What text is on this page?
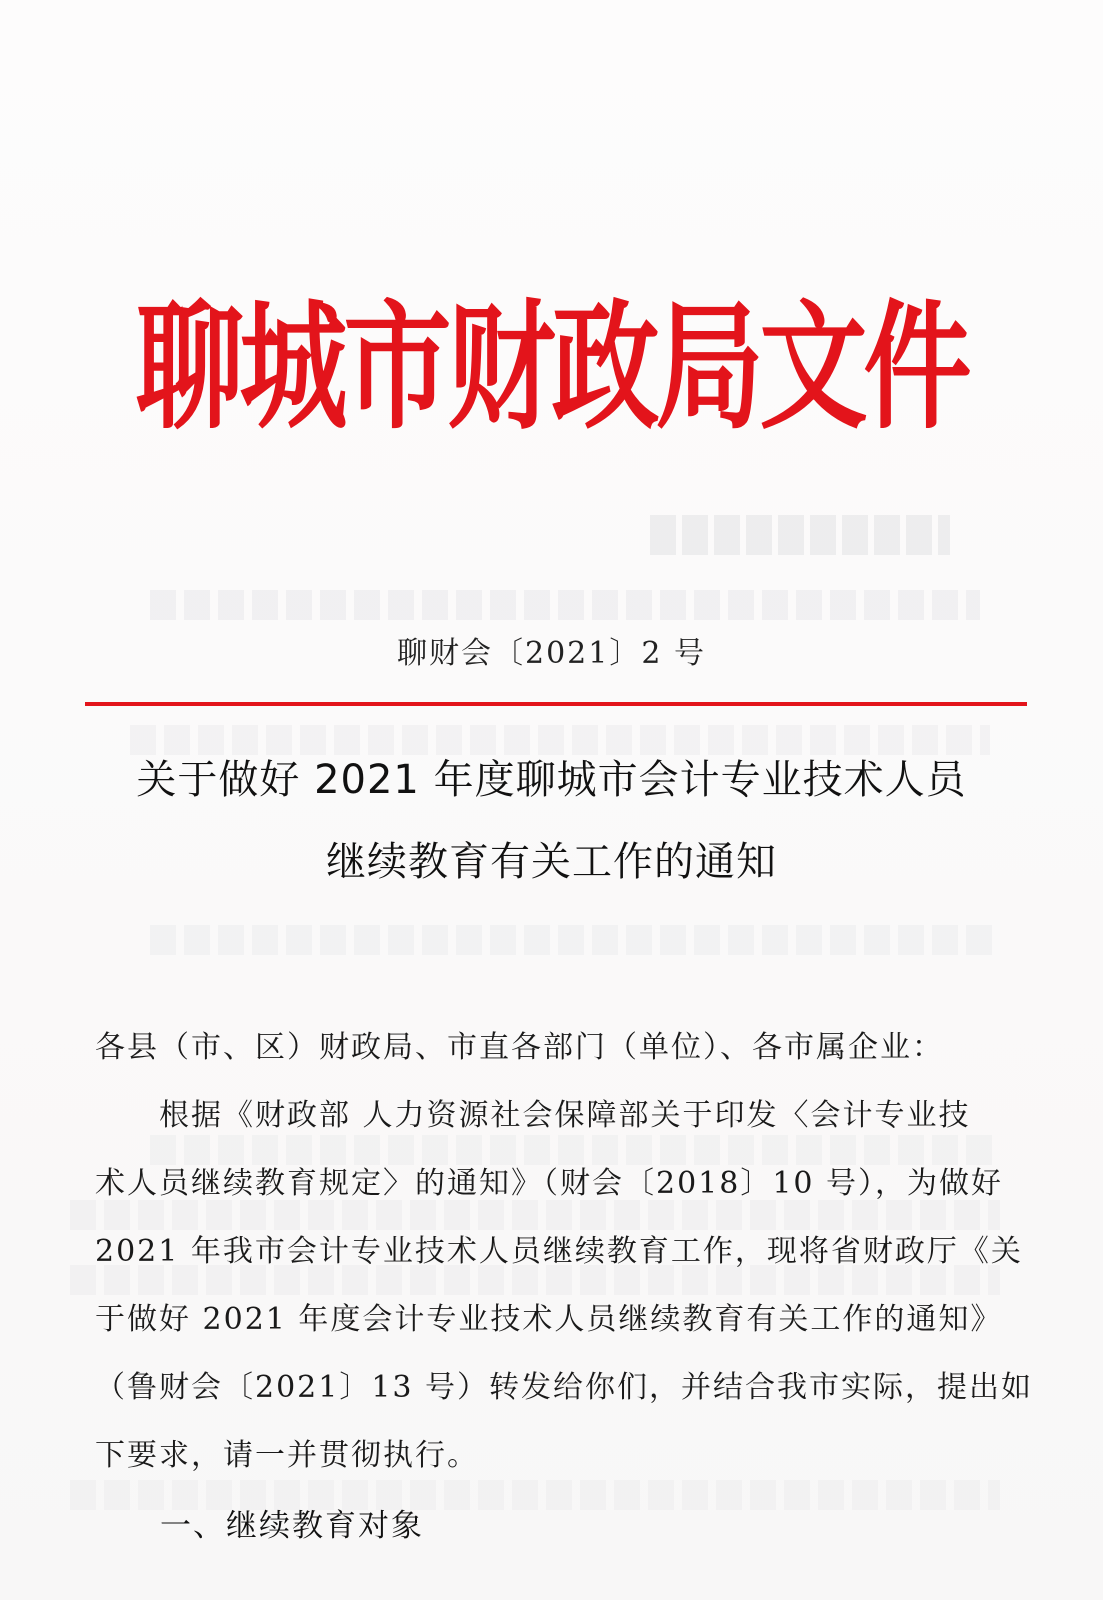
聊城市财政局文件
聊财会〔2021〕2 号
关于做好 2021 年度聊城市会计专业技术人员
继续教育有关工作的通知
各县（市、区）财政局、市直各部门（单位）、各市属企业：
　　根据《财政部 人力资源社会保障部关于印发〈会计专业技
术人员继续教育规定〉的通知》（财会〔2018〕10 号），为做好
2021 年我市会计专业技术人员继续教育工作，现将省财政厅《关
于做好 2021 年度会计专业技术人员继续教育有关工作的通知》
（鲁财会〔2021〕13 号）转发给你们，并结合我市实际，提出如
下要求，请一并贯彻执行。
一、继续教育对象
